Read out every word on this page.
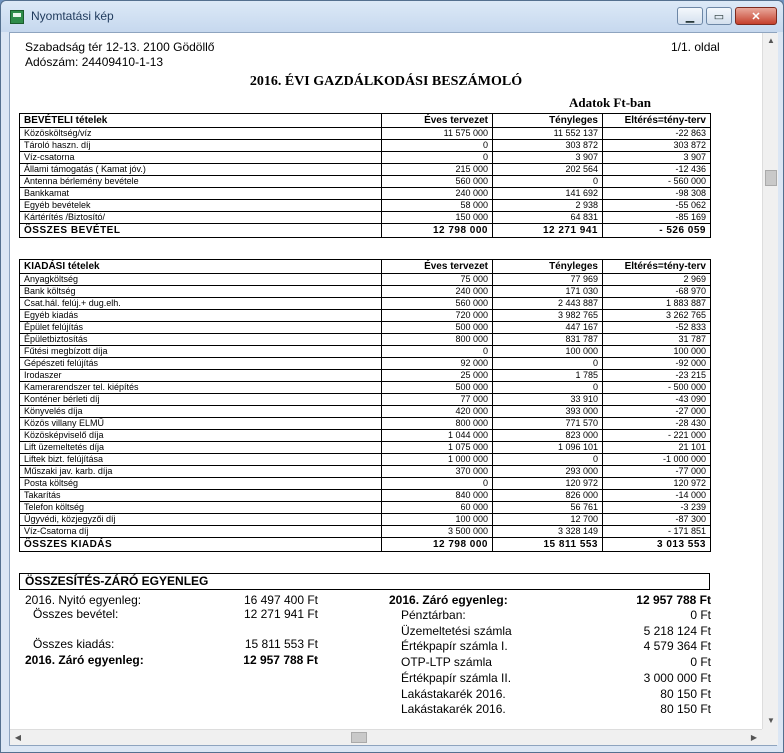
Nyomtatási kép	▁ ▭ ✕
Szabadság tér 12-13. 2100 Gödöllő
Adószám: 24409410-1-13
1/1. oldal
2016. ÉVI GAZDÁLKODÁSI BESZÁMOLÓ
Adatok Ft-ban
BEVÉTELI tételek	Éves tervezet	Tényleges	Eltérés=tény-terv
Közösköltség/víz	11 575 000	11 552 137	-22 863
Tároló haszn. díj	0	303 872	303 872
Víz-csatorna	0	3 907	3 907
Állami támogatás ( Kamat jóv.)	215 000	202 564	-12 436
Antenna bérlemény bevétele	560 000	0	- 560 000
Bankkamat	240 000	141 692	-98 308
Egyéb bevételek	58 000	2 938	-55 062
Kártérítés /Biztosító/	150 000	64 831	-85 169
ÖSSZES BEVÉTEL	12 798 000	12 271 941	- 526 059
KIADÁSI tételek	Éves tervezet	Tényleges	Eltérés=tény-terv
Anyagköltség	75 000	77 969	2 969
Bank költség	240 000	171 030	-68 970
Csat.hál. felúj.+ dug.elh.	560 000	2 443 887	1 883 887
Egyéb kiadás	720 000	3 982 765	3 262 765
Épület felújítás	500 000	447 167	-52 833
Épületbiztosítás	800 000	831 787	31 787
Fűtési megbízott díja	0	100 000	100 000
Gépészeti felújítás	92 000	0	-92 000
Irodaszer	25 000	1 785	-23 215
Kamerarendszer tel. kiépítés	500 000	0	- 500 000
Konténer bérleti díj	77 000	33 910	-43 090
Könyvelés díja	420 000	393 000	-27 000
Közös villany ELMŰ	800 000	771 570	-28 430
Közösképviselő díja	1 044 000	823 000	- 221 000
Lift üzemeltetés díja	1 075 000	1 096 101	21 101
Liftek bizt. felújítása	1 000 000	0	-1 000 000
Műszaki jav. karb. díja	370 000	293 000	-77 000
Posta költség	0	120 972	120 972
Takarítás	840 000	826 000	-14 000
Telefon költség	60 000	56 761	-3 239
Ügyvédi, közjegyzői díj	100 000	12 700	-87 300
Víz-Csatorna díj	3 500 000	3 328 149	- 171 851
ÖSSZES KIADÁS	12 798 000	15 811 553	3 013 553
ÖSSZESÍTÉS-ZÁRÓ EGYENLEG
2016. Nyitó egyenleg:	16 497 400 Ft
Összes bevétel:	12 271 941 Ft
Összes kiadás:	15 811 553 Ft
2016. Záró egyenleg:	12 957 788 Ft
2016. Záró egyenleg:	12 957 788 Ft
Pénztárban:	0 Ft
Üzemeltetési számla	5 218 124 Ft
Értékpapír számla I.	4 579 364 Ft
OTP-LTP számla	0 Ft
Értékpapír számla II.	3 000 000 Ft
Lakástakarék 2016.	80 150 Ft
Lakástakarék 2016.	80 150 Ft
▲
▼
◀	▶
